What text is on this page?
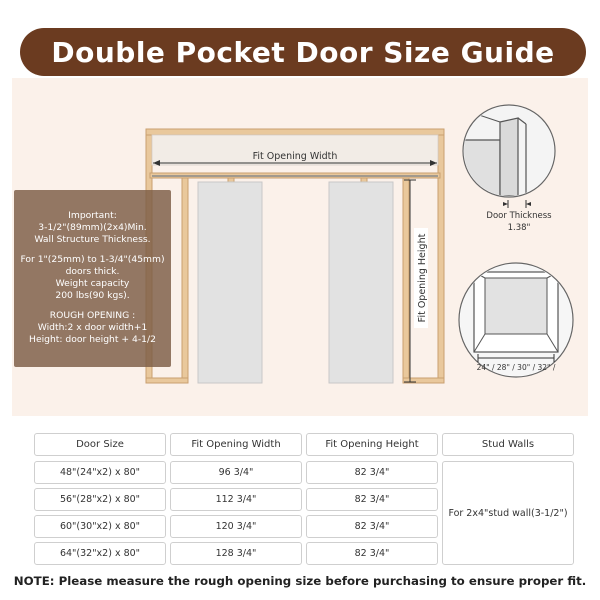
Double Pocket Door Size Guide
Fit Opening Width
Fit Opening Height
Door Thickness
1.38"
24" / 28" / 30" / 32" /
Important:
3-1/2"(89mm)(2x4)Min.
Wall Structure Thickness.
For 1"(25mm) to 1-3/4"(45mm)
doors thick.
Weight capacity
200 lbs(90 kgs).
ROUGH OPENING :
Width:2 x door width+1
Height: door height + 4-1/2
Door Size	Fit Opening Width	Fit Opening Height	Stud Walls
48"(24"x2) x 80"	96 3/4"	82 3/4"
56"(28"x2) x 80"	112 3/4"	82 3/4"
60"(30"x2) x 80"	120 3/4"	82 3/4"
64"(32"x2) x 80"	128 3/4"	82 3/4"
For 2x4"stud wall(3-1/2")
NOTE: Please measure the rough opening size before purchasing to ensure proper fit.
